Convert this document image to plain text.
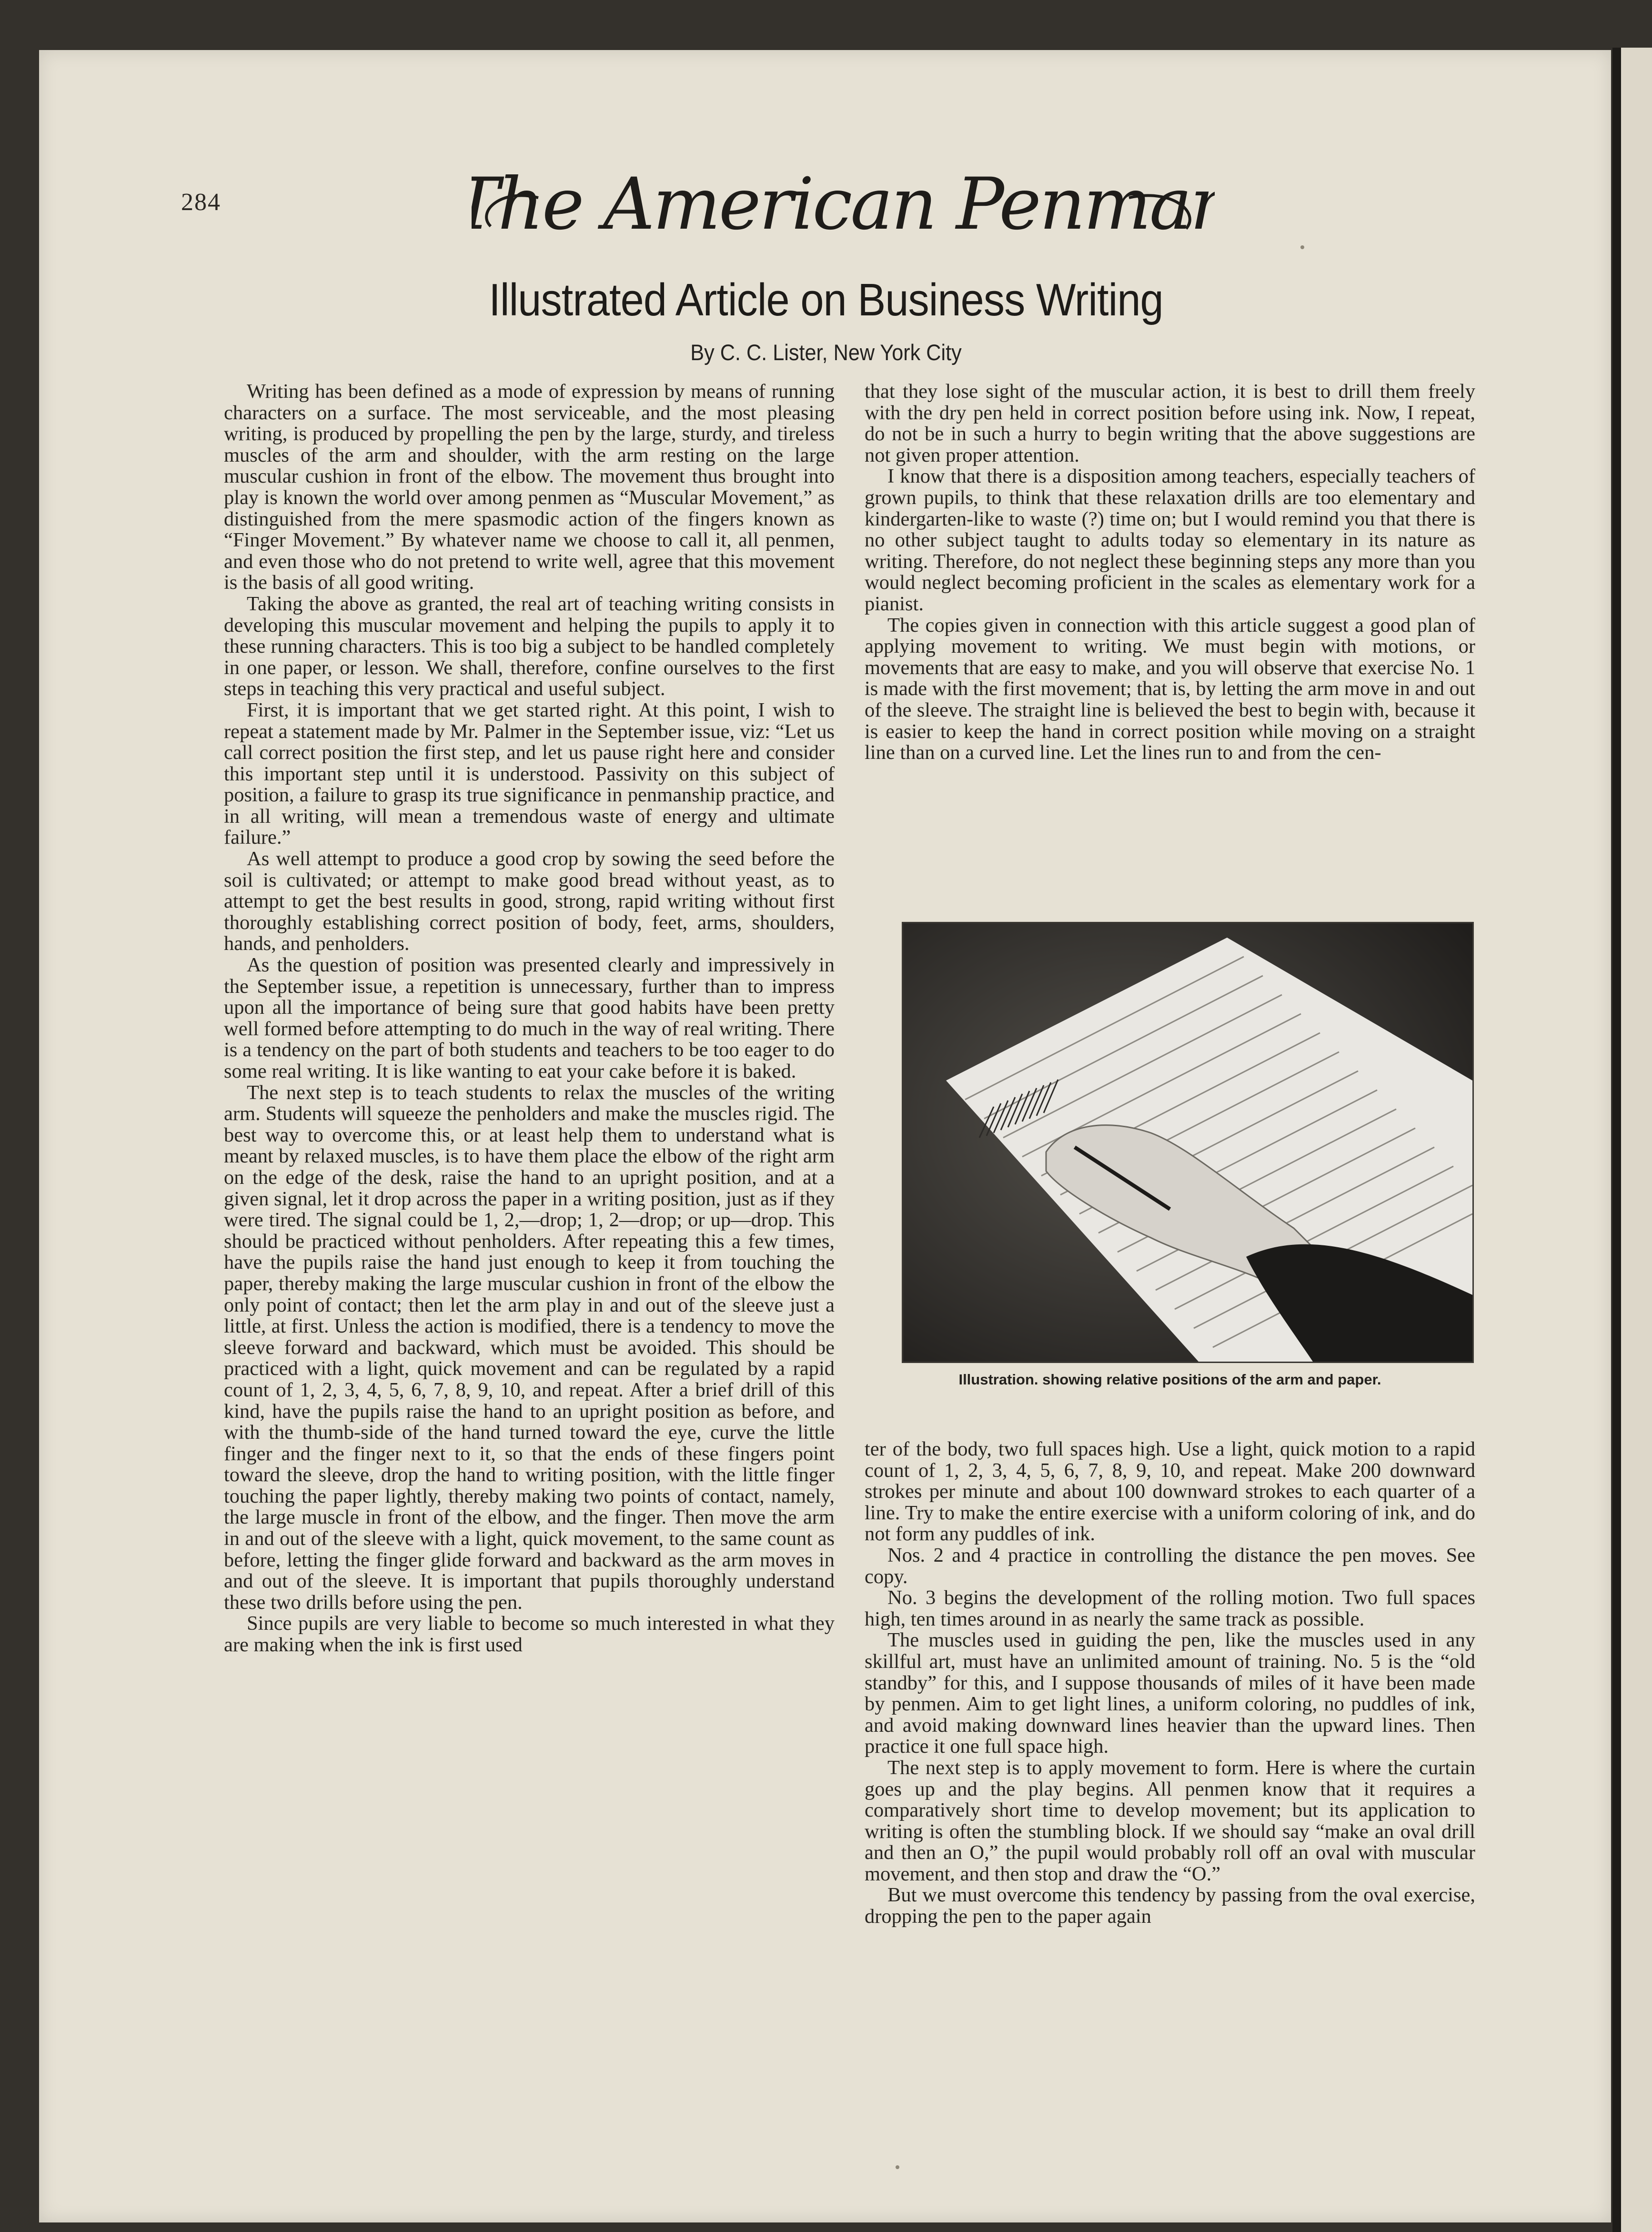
284	The American Penman
Illustrated Article on Business Writing
By C. C. Lister, New York City

Writing has been defined as a mode of expression by means of running characters on a surface. The most serviceable, and the most pleasing writing, is produced by propelling the pen by the large, sturdy, and tireless muscles of the arm and shoulder, with the arm resting on the large muscular cushion in front of the elbow. The movement thus brought into play is known the world over among penmen as “Muscular Movement,” as distinguished from the mere spasmodic action of the fingers known as “Finger Movement.” By whatever name we choose to call it, all penmen, and even those who do not pretend to write well, agree that this movement is the basis of all good writing.

Taking the above as granted, the real art of teaching writing consists in developing this muscular movement and helping the pupils to apply it to these running characters. This is too big a subject to be handled completely in one paper, or lesson. We shall, therefore, confine ourselves to the first steps in teaching this very practical and useful subject.

First, it is important that we get started right. At this point, I wish to repeat a statement made by Mr. Palmer in the September issue, viz: “Let us call correct position the first step, and let us pause right here and consider this important step until it is understood. Passivity on this subject of position, a failure to grasp its true significance in penmanship practice, and in all writing, will mean a tremendous waste of energy and ultimate failure.”

As well attempt to produce a good crop by sowing the seed before the soil is cultivated; or attempt to make good bread without yeast, as to attempt to get the best results in good, strong, rapid writing without first thoroughly establishing correct position of body, feet, arms, shoulders, hands, and penholders.

As the question of position was presented clearly and impressively in the September issue, a repetition is unnecessary, further than to impress upon all the importance of being sure that good habits have been pretty well formed before attempting to do much in the way of real writing. There is a tendency on the part of both students and teachers to be too eager to do some real writing. It is like wanting to eat your cake before it is baked.

The next step is to teach students to relax the muscles of the writing arm. Students will squeeze the penholders and make the muscles rigid. The best way to overcome this, or at least help them to understand what is meant by relaxed muscles, is to have them place the elbow of the right arm on the edge of the desk, raise the hand to an upright position, and at a given signal, let it drop across the paper in a writing position, just as if they were tired. The signal could be 1, 2,—drop; 1, 2—drop; or up—drop. This should be practiced without penholders. After repeating this a few times, have the pupils raise the hand just enough to keep it from touching the paper, thereby making the large muscular cushion in front of the elbow the only point of contact; then let the arm play in and out of the sleeve just a little, at first. Unless the action is modified, there is a tendency to move the sleeve forward and backward, which must be avoided. This should be practiced with a light, quick movement and can be regulated by a rapid count of 1, 2, 3, 4, 5, 6, 7, 8, 9, 10, and repeat. After a brief drill of this kind, have the pupils raise the hand to an upright position as before, and with the thumb-side of the hand turned toward the eye, curve the little finger and the finger next to it, so that the ends of these fingers point toward the sleeve, drop the hand to writing position, with the little finger touching the paper lightly, thereby making two points of contact, namely, the large muscle in front of the elbow, and the finger. Then move the arm in and out of the sleeve with a light, quick movement, to the same count as before, letting the finger glide forward and backward as the arm moves in and out of the sleeve. It is important that pupils thoroughly understand these two drills before using the pen.

Since pupils are very liable to become so much interested in what they are making when the ink is first used

that they lose sight of the muscular action, it is best to drill them freely with the dry pen held in correct position before using ink. Now, I repeat, do not be in such a hurry to begin writing that the above suggestions are not given proper attention.

I know that there is a disposition among teachers, especially teachers of grown pupils, to think that these relaxation drills are too elementary and kindergarten-like to waste (?) time on; but I would remind you that there is no other subject taught to adults today so elementary in its nature as writing. Therefore, do not neglect these beginning steps any more than you would neglect becoming proficient in the scales as elementary work for a pianist.

The copies given in connection with this article suggest a good plan of applying movement to writing. We must begin with motions, or movements that are easy to make, and you will observe that exercise No. 1 is made with the first movement; that is, by letting the arm move in and out of the sleeve. The straight line is believed the best to begin with, because it is easier to keep the hand in correct position while moving on a straight line than on a curved line. Let the lines run to and from the cen-

Illustration. showing relative positions of the arm and paper.

ter of the body, two full spaces high. Use a light, quick motion to a rapid count of 1, 2, 3, 4, 5, 6, 7, 8, 9, 10, and repeat. Make 200 downward strokes per minute and about 100 downward strokes to each quarter of a line. Try to make the entire exercise with a uniform coloring of ink, and do not form any puddles of ink.

Nos. 2 and 4 practice in controlling the distance the pen moves. See copy.

No. 3 begins the development of the rolling motion. Two full spaces high, ten times around in as nearly the same track as possible.

The muscles used in guiding the pen, like the muscles used in any skillful art, must have an unlimited amount of training. No. 5 is the “old standby” for this, and I suppose thousands of miles of it have been made by penmen. Aim to get light lines, a uniform coloring, no puddles of ink, and avoid making downward lines heavier than the upward lines. Then practice it one full space high.

The next step is to apply movement to form. Here is where the curtain goes up and the play begins. All penmen know that it requires a comparatively short time to develop movement; but its application to writing is often the stumbling block. If we should say “make an oval drill and then an O,” the pupil would probably roll off an oval with muscular movement, and then stop and draw the “O.”

But we must overcome this tendency by passing from the oval exercise, dropping the pen to the paper again
